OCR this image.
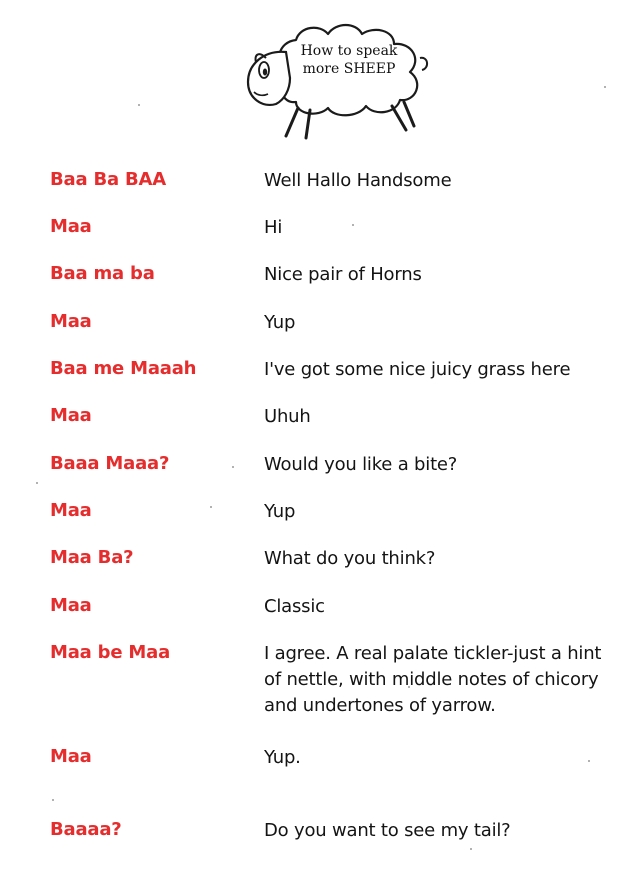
How to speak
more SHEEP
Baa Ba BAA	Well Hallo Handsome
Maa	Hi
Baa ma ba	Nice pair of Horns
Maa	Yup
Baa me Maaah	I've got some nice juicy grass here
Maa	Uhuh
Baaa Maaa?	Would you like a bite?
Maa	Yup
Maa Ba?	What do you think?
Maa	Classic
Maa be Maa	I agree. A real palate tickler-just a hint of nettle, with middle notes of chicory and undertones of yarrow.
Maa	Yup.
Baaaa?	Do you want to see my tail?
